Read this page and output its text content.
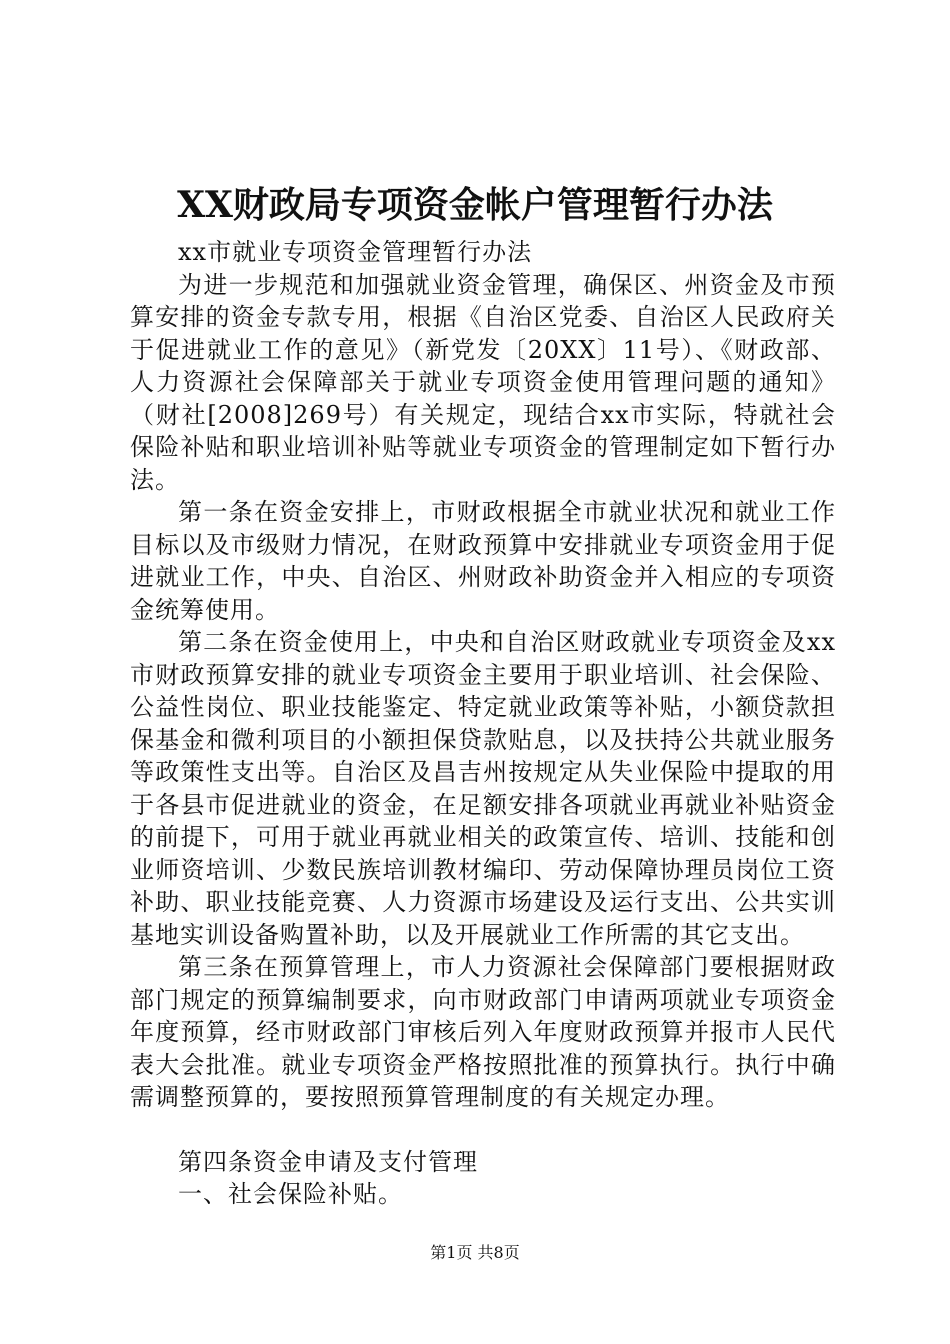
XX财政局专项资金帐户管理暂行办法

xx市就业专项资金管理暂行办法

为进一步规范和加强就业资金管理，确保区、州资金及市预算安排的资金专款专用，根据《自治区党委、自治区人民政府关于促进就业工作的意见》（新党发〔20XX〕11号）、《财政部、人力资源社会保障部关于就业专项资金使用管理问题的通知》（财社[2008]269号）有关规定，现结合xx市实际，特就社会保险补贴和职业培训补贴等就业专项资金的管理制定如下暂行办法。

第一条在资金安排上，市财政根据全市就业状况和就业工作目标以及市级财力情况，在财政预算中安排就业专项资金用于促进就业工作，中央、自治区、州财政补助资金并入相应的专项资金统筹使用。

第二条在资金使用上，中央和自治区财政就业专项资金及xx市财政预算安排的就业专项资金主要用于职业培训、社会保险、公益性岗位、职业技能鉴定、特定就业政策等补贴，小额贷款担保基金和微利项目的小额担保贷款贴息，以及扶持公共就业服务等政策性支出等。自治区及昌吉州按规定从失业保险中提取的用于各县市促进就业的资金，在足额安排各项就业再就业补贴资金的前提下，可用于就业再就业相关的政策宣传、培训、技能和创业师资培训、少数民族培训教材编印、劳动保障协理员岗位工资补助、职业技能竞赛、人力资源市场建设及运行支出、公共实训基地实训设备购置补助，以及开展就业工作所需的其它支出。

第三条在预算管理上，市人力资源社会保障部门要根据财政部门规定的预算编制要求，向市财政部门申请两项就业专项资金年度预算，经市财政部门审核后列入年度财政预算并报市人民代表大会批准。就业专项资金严格按照批准的预算执行。执行中确需调整预算的，要按照预算管理制度的有关规定办理。

第四条资金申请及支付管理

一、社会保险补贴。

第1页 共8页
